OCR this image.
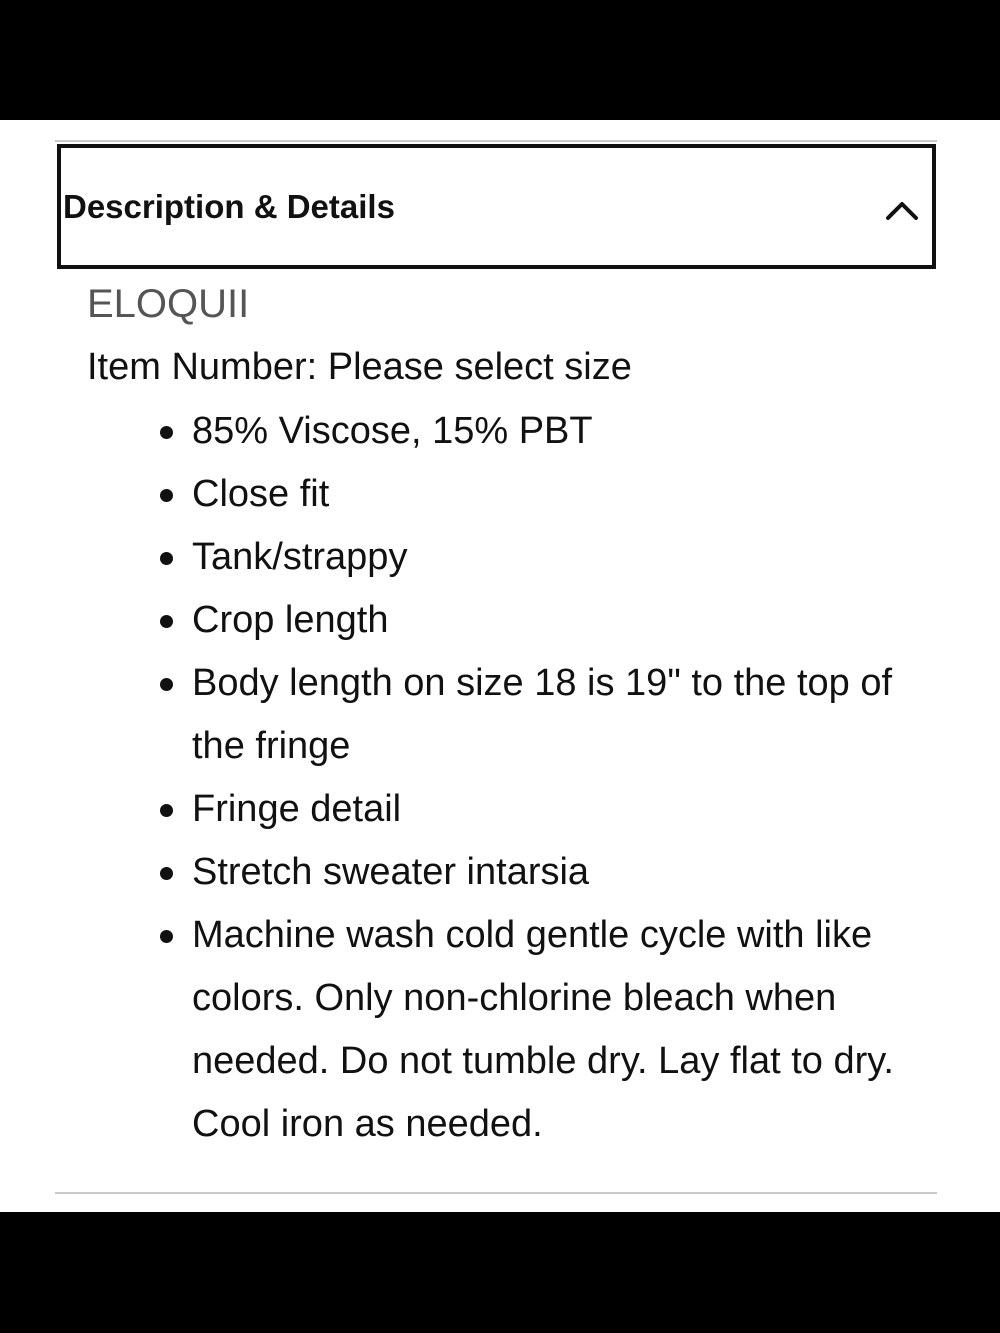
Description & Details
ELOQUII
Item Number: Please select size
85% Viscose, 15% PBT
Close fit
Tank/strappy
Crop length
Body length on size 18 is 19" to the top of the fringe
Fringe detail
Stretch sweater intarsia
Machine wash cold gentle cycle with like colors. Only non-chlorine bleach when needed. Do not tumble dry. Lay flat to dry. Cool iron as needed.
